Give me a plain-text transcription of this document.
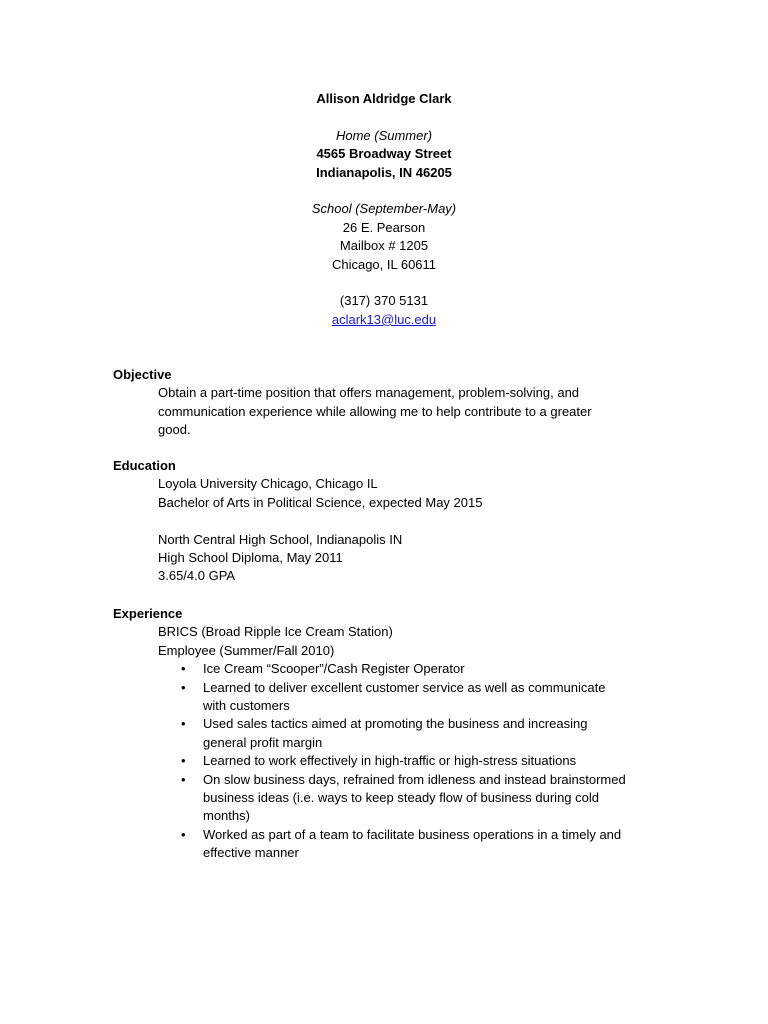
Allison Aldridge Clark
Home (Summer)
4565 Broadway Street
Indianapolis, IN 46205
School (September-May)
26 E. Pearson
Mailbox # 1205
Chicago, IL 60611
(317) 370 5131
aclark13@luc.edu
Objective
Obtain a part-time position that offers management, problem-solving, and
communication experience while allowing me to help contribute to a greater
good.
Education
Loyola University Chicago, Chicago IL
Bachelor of Arts in Political Science, expected May 2015
North Central High School, Indianapolis IN
High School Diploma, May 2011
3.65/4.0 GPA
Experience
BRICS (Broad Ripple Ice Cream Station)
Employee (Summer/Fall 2010)
• Ice Cream “Scooper”/Cash Register Operator
• Learned to deliver excellent customer service as well as communicate
with customers
• Used sales tactics aimed at promoting the business and increasing
general profit margin
• Learned to work effectively in high-traffic or high-stress situations
• On slow business days, refrained from idleness and instead brainstormed
business ideas (i.e. ways to keep steady flow of business during cold
months)
• Worked as part of a team to facilitate business operations in a timely and
effective manner
